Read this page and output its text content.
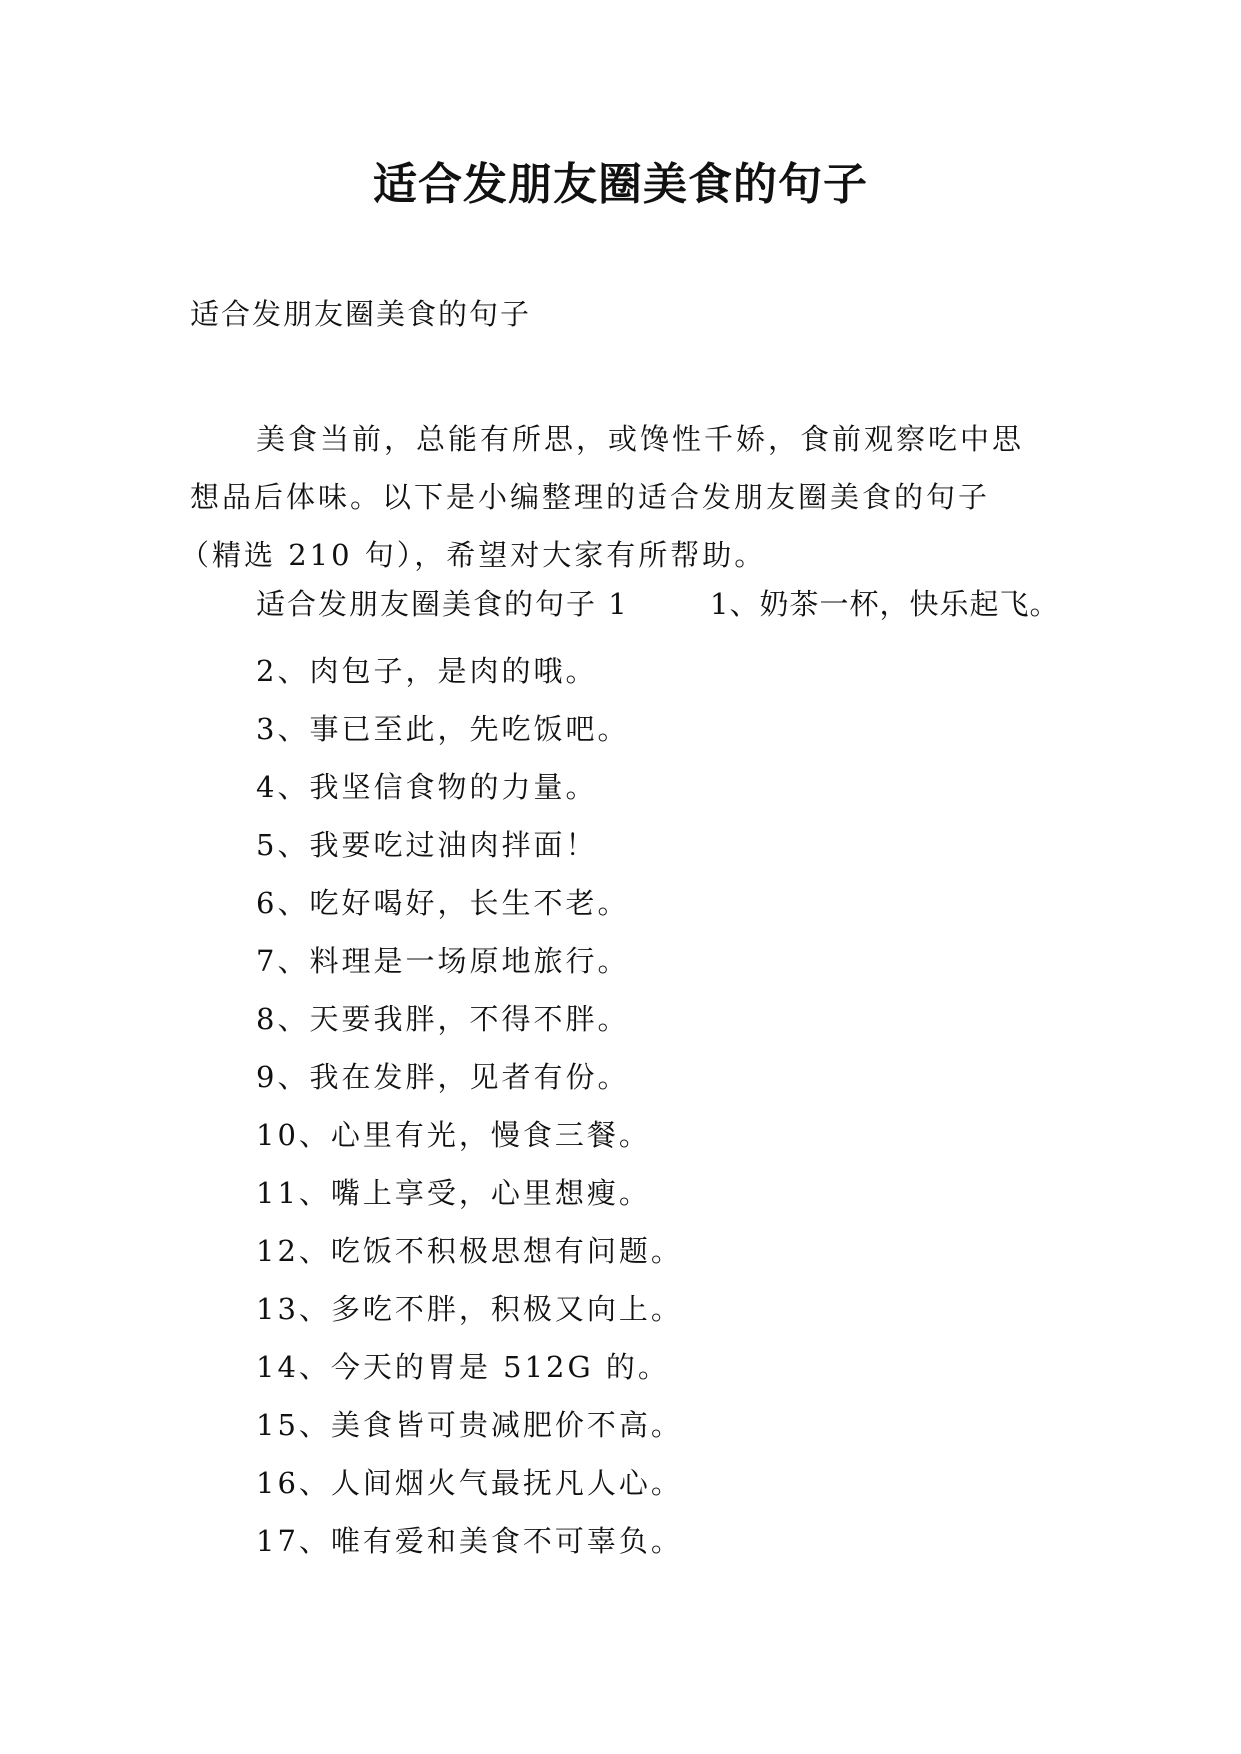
适合发朋友圈美食的句子
适合发朋友圈美食的句子
美食当前，总能有所思，或馋性千娇，食前观察吃中思
想品后体味。以下是小编整理的适合发朋友圈美食的句子
（精选 210 句），希望对大家有所帮助。
适合发朋友圈美食的句子 1	1、奶茶一杯，快乐起飞。
2、肉包子，是肉的哦。
3、事已至此，先吃饭吧。
4、我坚信食物的力量。
5、我要吃过油肉拌面！
6、吃好喝好，长生不老。
7、料理是一场原地旅行。
8、天要我胖，不得不胖。
9、我在发胖，见者有份。
10、心里有光，慢食三餐。
11、嘴上享受，心里想瘦。
12、吃饭不积极思想有问题。
13、多吃不胖，积极又向上。
14、今天的胃是 512G 的。
15、美食皆可贵减肥价不高。
16、人间烟火气最抚凡人心。
17、唯有爱和美食不可辜负。
